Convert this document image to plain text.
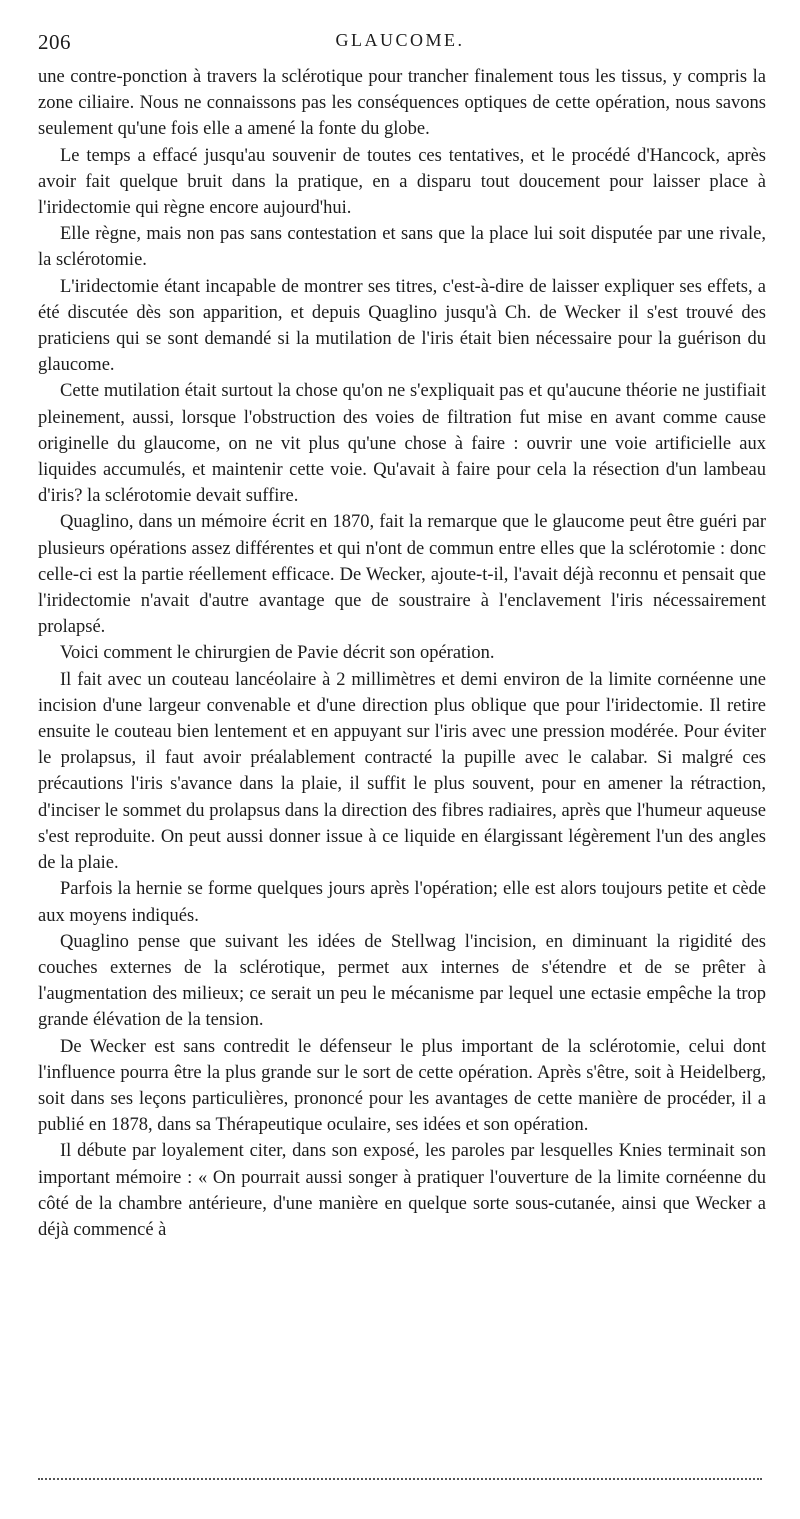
206	GLAUCOME.

une contre-ponction à travers la sclérotique pour trancher finalement tous les tissus, y compris la zone ciliaire. Nous ne connaissons pas les conséquences optiques de cette opération, nous savons seulement qu'une fois elle a amené la fonte du globe.

Le temps a effacé jusqu'au souvenir de toutes ces tentatives, et le procédé d'Hancock, après avoir fait quelque bruit dans la pratique, en a disparu tout doucement pour laisser place à l'iridectomie qui règne encore aujourd'hui.

Elle règne, mais non pas sans contestation et sans que la place lui soit disputée par une rivale, la sclérotomie.

L'iridectomie étant incapable de montrer ses titres, c'est-à-dire de laisser expliquer ses effets, a été discutée dès son apparition, et depuis Quaglino jusqu'à Ch. de Wecker il s'est trouvé des praticiens qui se sont demandé si la mutilation de l'iris était bien nécessaire pour la guérison du glaucome.

Cette mutilation était surtout la chose qu'on ne s'expliquait pas et qu'aucune théorie ne justifiait pleinement, aussi, lorsque l'obstruction des voies de filtration fut mise en avant comme cause originelle du glaucome, on ne vit plus qu'une chose à faire : ouvrir une voie artificielle aux liquides accumulés, et maintenir cette voie. Qu'avait à faire pour cela la résection d'un lambeau d'iris? la sclérotomie devait suffire.

Quaglino, dans un mémoire écrit en 1870, fait la remarque que le glaucome peut être guéri par plusieurs opérations assez différentes et qui n'ont de commun entre elles que la sclérotomie : donc celle-ci est la partie réellement efficace. De Wecker, ajoute-t-il, l'avait déjà reconnu et pensait que l'iridectomie n'avait d'autre avantage que de soustraire à l'enclavement l'iris nécessairement prolapsé.

Voici comment le chirurgien de Pavie décrit son opération.

Il fait avec un couteau lancéolaire à 2 millimètres et demi environ de la limite cornéenne une incision d'une largeur convenable et d'une direction plus oblique que pour l'iridectomie. Il retire ensuite le couteau bien lentement et en appuyant sur l'iris avec une pression modérée. Pour éviter le prolapsus, il faut avoir préalablement contracté la pupille avec le calabar. Si malgré ces précautions l'iris s'avance dans la plaie, il suffit le plus souvent, pour en amener la rétraction, d'inciser le sommet du prolapsus dans la direction des fibres radiaires, après que l'humeur aqueuse s'est reproduite. On peut aussi donner issue à ce liquide en élargissant légèrement l'un des angles de la plaie.

Parfois la hernie se forme quelques jours après l'opération; elle est alors toujours petite et cède aux moyens indiqués.

Quaglino pense que suivant les idées de Stellwag l'incision, en diminuant la rigidité des couches externes de la sclérotique, permet aux internes de s'étendre et de se prêter à l'augmentation des milieux; ce serait un peu le mécanisme par lequel une ectasie empêche la trop grande élévation de la tension.

De Wecker est sans contredit le défenseur le plus important de la sclérotomie, celui dont l'influence pourra être la plus grande sur le sort de cette opération. Après s'être, soit à Heidelberg, soit dans ses leçons particulières, prononcé pour les avantages de cette manière de procéder, il a publié en 1878, dans sa Thérapeutique oculaire, ses idées et son opération.

Il débute par loyalement citer, dans son exposé, les paroles par lesquelles Knies terminait son important mémoire : « On pourrait aussi songer à pratiquer l'ouverture de la limite cornéenne du côté de la chambre antérieure, d'une manière en quelque sorte sous-cutanée, ainsi que Wecker a déjà commencé à
